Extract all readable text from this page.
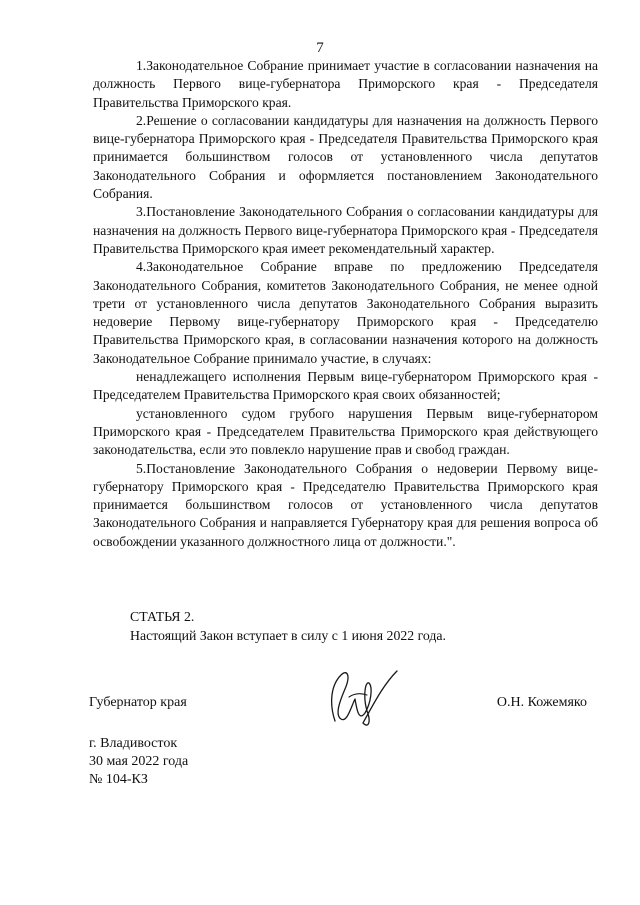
7

1.Законодательное Собрание принимает участие в согласовании назначения на должность Первого вице-губернатора Приморского края - Председателя Правительства Приморского края.

2.Решение о согласовании кандидатуры для назначения на должность Первого вице-губернатора Приморского края - Председателя Правительства Приморского края принимается большинством голосов от установленного числа депутатов Законодательного Собрания и оформляется постановлением Законодательного Собрания.

3.Постановление Законодательного Собрания о согласовании кандидатуры для назначения на должность Первого вице-губернатора Приморского края - Председателя Правительства Приморского края имеет рекомендательный характер.

4.Законодательное Собрание вправе по предложению Председателя Законодательного Собрания, комитетов Законодательного Собрания, не менее одной трети от установленного числа депутатов Законодательного Собрания выразить недоверие Первому вице-губернатору Приморского края - Председателю Правительства Приморского края, в согласовании назначения которого на должность Законодательное Собрание принимало участие, в случаях:

ненадлежащего исполнения Первым вице-губернатором Приморского края - Председателем Правительства Приморского края своих обязанностей;

установленного судом грубого нарушения Первым вице-губернатором Приморского края - Председателем Правительства Приморского края действующего законодательства, если это повлекло нарушение прав и свобод граждан.

5.Постановление Законодательного Собрания о недоверии Первому вице-губернатору Приморского края - Председателю Правительства Приморского края принимается большинством голосов от установленного числа депутатов Законодательного Собрания и направляется Губернатору края для решения вопроса об освобождении указанного должностного лица от должности.".

СТАТЬЯ 2.
Настоящий Закон вступает в силу с 1 июня 2022 года.
Губернатор края	О.Н. Кожемяко
г. Владивосток
30 мая 2022 года
№ 104-КЗ
